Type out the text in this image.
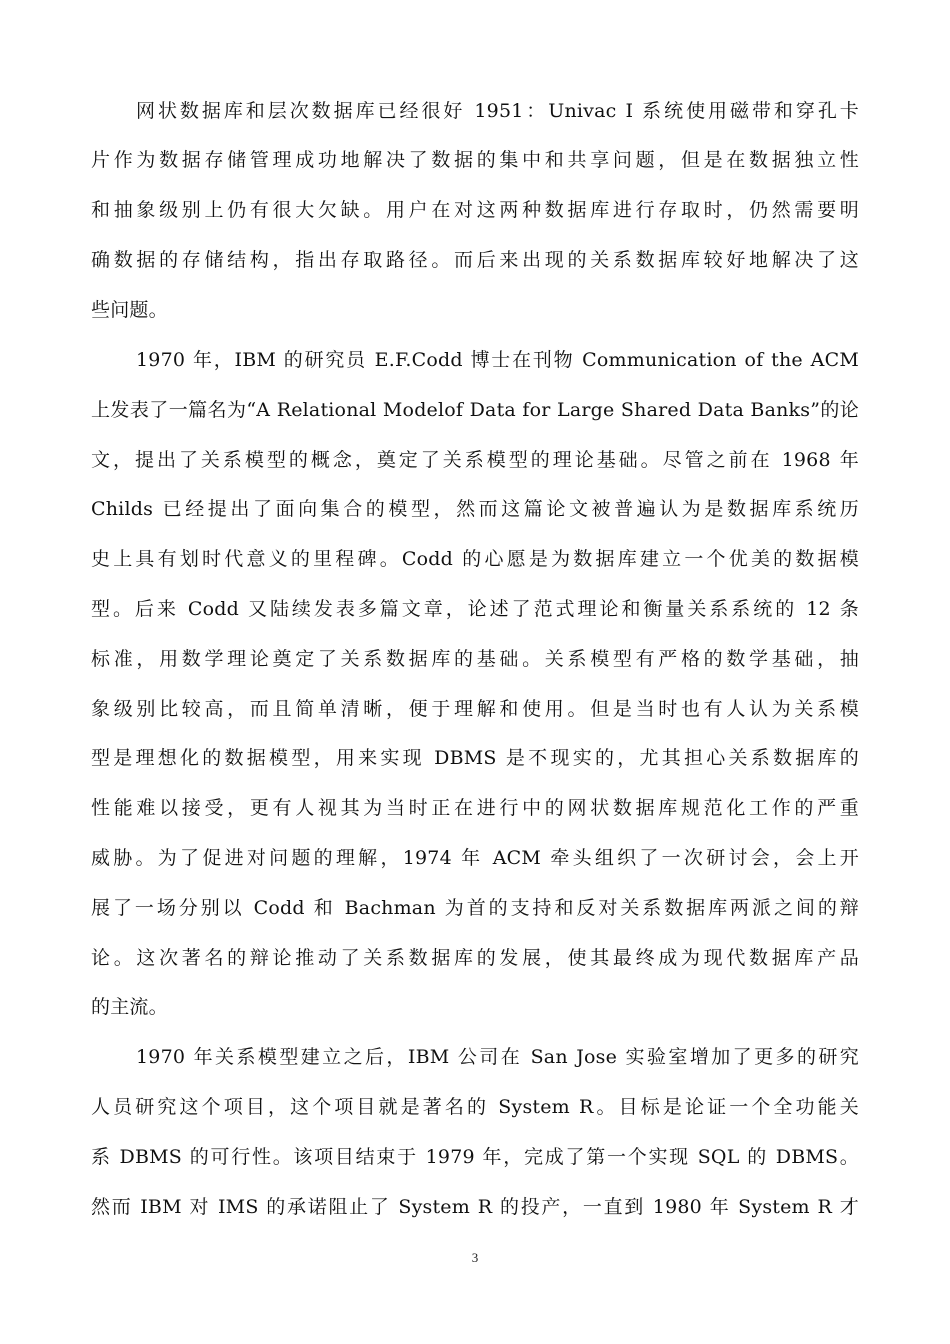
网状数据库和层次数据库已经很好 1951：Univac I 系统使用磁带和穿孔卡
片作为数据存储管理成功地解决了数据的集中和共享问题，但是在数据独立性
和抽象级别上仍有很大欠缺。用户在对这两种数据库进行存取时，仍然需要明
确数据的存储结构，指出存取路径。而后来出现的关系数据库较好地解决了这
些问题。
1970 年，IBM 的研究员 E.F.Codd 博士在刊物 Communication of the ACM
上发表了一篇名为“A Relational Modelof Data for Large Shared Data Banks”的论
文，提出了关系模型的概念，奠定了关系模型的理论基础。尽管之前在 1968 年
Childs 已经提出了面向集合的模型，然而这篇论文被普遍认为是数据库系统历
史上具有划时代意义的里程碑。Codd 的心愿是为数据库建立一个优美的数据模
型。后来 Codd 又陆续发表多篇文章，论述了范式理论和衡量关系系统的 12 条
标准，用数学理论奠定了关系数据库的基础。关系模型有严格的数学基础，抽
象级别比较高，而且简单清晰，便于理解和使用。但是当时也有人认为关系模
型是理想化的数据模型，用来实现 DBMS 是不现实的，尤其担心关系数据库的
性能难以接受，更有人视其为当时正在进行中的网状数据库规范化工作的严重
威胁。为了促进对问题的理解，1974 年 ACM 牵头组织了一次研讨会，会上开
展了一场分别以 Codd 和 Bachman 为首的支持和反对关系数据库两派之间的辩
论。这次著名的辩论推动了关系数据库的发展，使其最终成为现代数据库产品
的主流。
1970 年关系模型建立之后，IBM 公司在 San Jose 实验室增加了更多的研究
人员研究这个项目，这个项目就是著名的 System R。目标是论证一个全功能关
系 DBMS 的可行性。该项目结束于 1979 年，完成了第一个实现 SQL 的 DBMS。
然而 IBM 对 IMS 的承诺阻止了 System R 的投产，一直到 1980 年 System R 才
3
